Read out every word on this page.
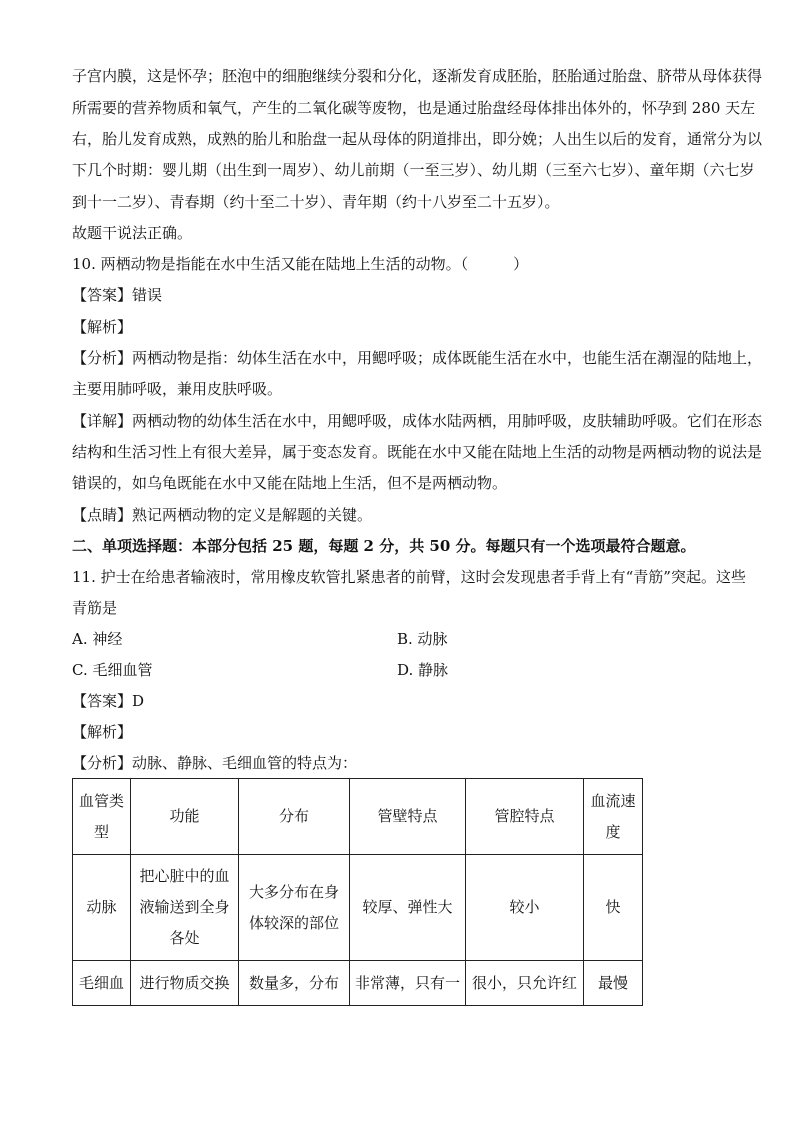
子宫内膜，这是怀孕；胚泡中的细胞继续分裂和分化，逐渐发育成胚胎，胚胎通过胎盘、脐带从母体获得
所需要的营养物质和氧气，产生的二氧化碳等废物，也是通过胎盘经母体排出体外的，怀孕到 280 天左
右，胎儿发育成熟，成熟的胎儿和胎盘一起从母体的阴道排出，即分娩；人出生以后的发育，通常分为以
下几个时期：婴儿期（出生到一周岁）、幼儿前期（一至三岁）、幼儿期（三至六七岁）、童年期（六七岁
到十一二岁）、青春期（约十至二十岁）、青年期（约十八岁至二十五岁）。
故题干说法正确。
10. 两栖动物是指能在水中生活又能在陆地上生活的动物。（　　　）
【答案】错误
【解析】
【分析】两栖动物是指：幼体生活在水中，用鳃呼吸；成体既能生活在水中，也能生活在潮湿的陆地上，
主要用肺呼吸，兼用皮肤呼吸。
【详解】两栖动物的幼体生活在水中，用鳃呼吸，成体水陆两栖，用肺呼吸，皮肤辅助呼吸。它们在形态
结构和生活习性上有很大差异，属于变态发育。既能在水中又能在陆地上生活的动物是两栖动物的说法是
错误的，如乌龟既能在水中又能在陆地上生活，但不是两栖动物。
【点睛】熟记两栖动物的定义是解题的关键。
二、单项选择题：本部分包括 25 题，每题 2 分，共 50 分。每题只有一个选项最符合题意。
11. 护士在给患者输液时，常用橡皮软管扎紧患者的前臂，这时会发现患者手背上有“青筋”突起。这些
青筋是
A. 神经	B. 动脉
C. 毛细血管	D. 静脉
【答案】D
【解析】
【分析】动脉、静脉、毛细血管的特点为：
血管类型	功能	分布	管壁特点	管腔特点	血流速度
动脉	把心脏中的血液输送到全身各处	大多分布在身体较深的部位	较厚、弹性大	较小	快
毛细血	进行物质交换	数量多，分布	非常薄，只有一	很小，只允许红	最慢
